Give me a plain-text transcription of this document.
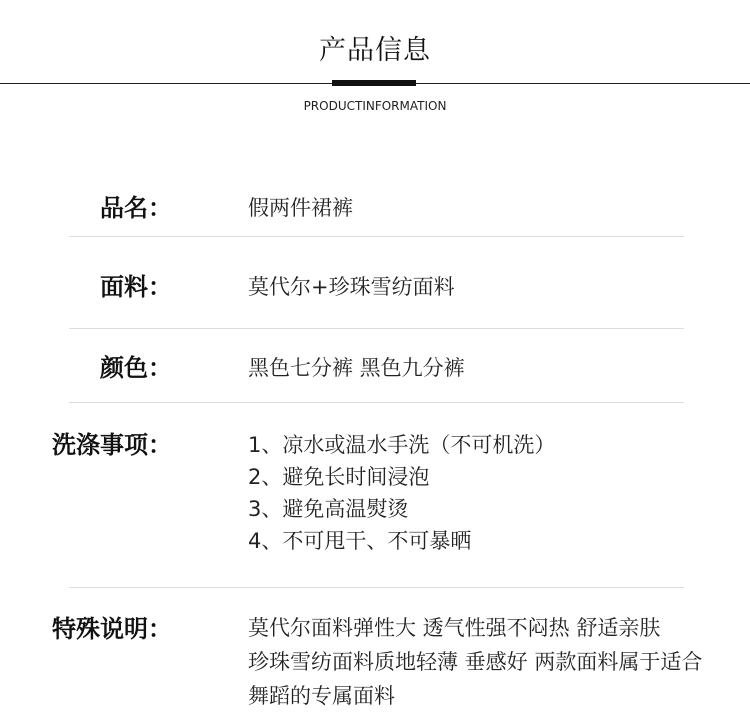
产品信息
PRODUCTINFORMATION
品名：	假两件裙裤
面料：	莫代尔+珍珠雪纺面料
颜色：	黑色七分裤 黑色九分裤
洗涤事项：	1、凉水或温水手洗（不可机洗）
2、避免长时间浸泡
3、避免高温熨烫
4、不可甩干、不可暴晒
特殊说明：	莫代尔面料弹性大 透气性强不闷热 舒适亲肤
珍珠雪纺面料质地轻薄 垂感好 两款面料属于适合
舞蹈的专属面料
